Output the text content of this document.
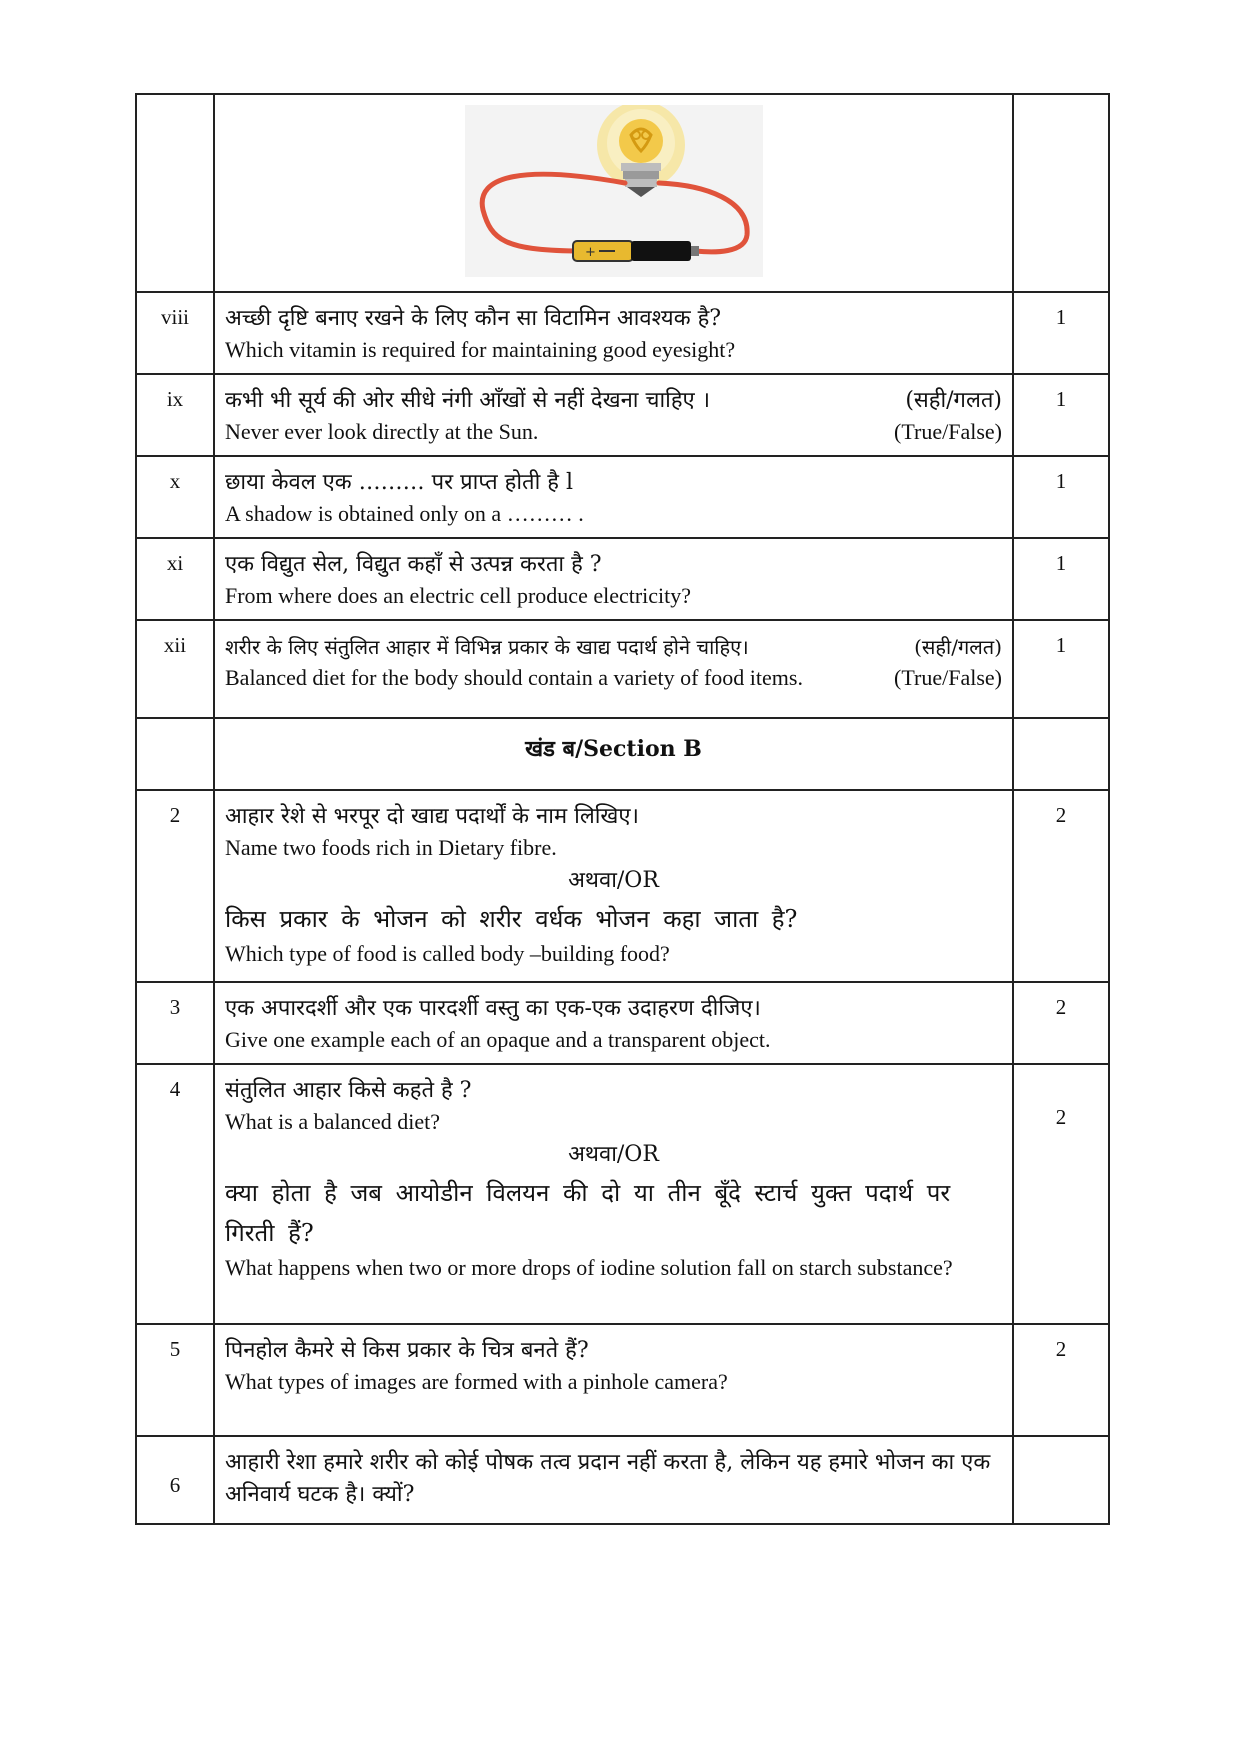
+	

viii	अच्छी दृष्टि बनाए रखने के लिए कौन सा विटामिन आवश्यक है?
Which vitamin is required for maintaining good eyesight?	1
ix	कभी भी सूर्य की ओर सीधे नंगी आँखों से नहीं देखना चाहिए । (सही/गलत)
Never ever look directly at the Sun. (True/False)	1
x	छाया केवल एक ……… पर प्राप्त होती है l
A shadow is obtained only on a ……… .	1
xi	एक विद्युत सेल, विद्युत कहाँ से उत्पन्न करता है ?
From where does an electric cell produce electricity?	1
xii	शरीर के लिए संतुलित आहार में विभिन्न प्रकार के खाद्य पदार्थ होने चाहिए। (सही/गलत)
Balanced diet for the body should contain a variety of food items. (True/False)	1

	खंड ब/Section B	

2	आहार रेशे से भरपूर दो खाद्य पदार्थों के नाम लिखिए।
Name two foods rich in Dietary fibre.
अथवा/OR
किस प्रकार के भोजन को शरीर वर्धक भोजन कहा जाता है?
Which type of food is called body –building food?	2
3	एक अपारदर्शी और एक पारदर्शी वस्तु का एक-एक उदाहरण दीजिए।
Give one example each of an opaque and a transparent object.	2
4	संतुलित आहार किसे कहते है ?
What is a balanced diet?
अथवा/OR
क्या होता है जब आयोडीन विलयन की दो या तीन बूँदे स्टार्च युक्त पदार्थ पर गिरती हैं?
What happens when two or more drops of iodine solution fall on starch substance?	2
5	पिनहोल कैमरे से किस प्रकार के चित्र बनते हैं?
What types of images are formed with a pinhole camera?	2
6	आहारी रेशा हमारे शरीर को कोई पोषक तत्व प्रदान नहीं करता है, लेकिन यह हमारे भोजन का एक अनिवार्य घटक है। क्यों?	
